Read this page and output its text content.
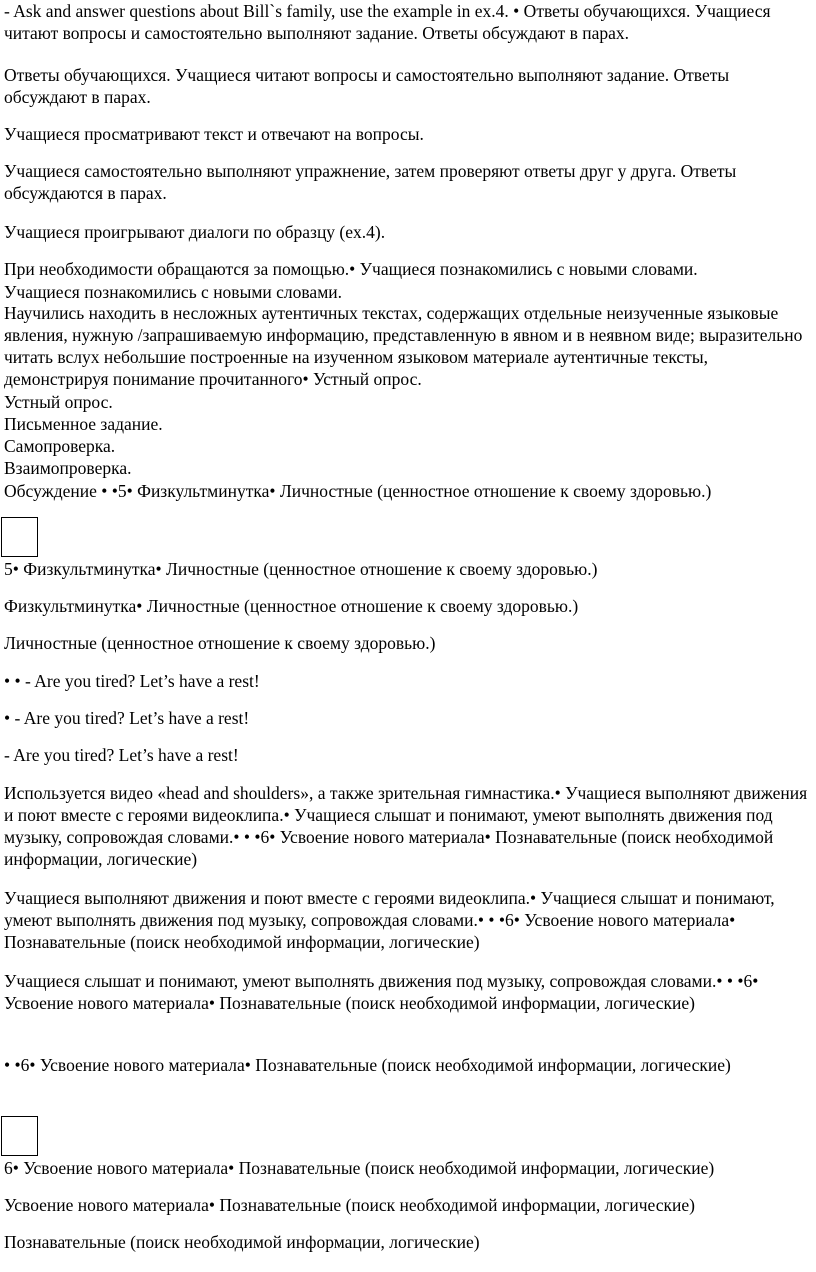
- Ask and answer questions about Bill`s family, use the example in ex.4. • Ответы обучающихся. Учащиеся читают вопросы и самостоятельно выполняют задание. Ответы обсуждают в парах.
Ответы обучающихся. Учащиеся читают вопросы и самостоятельно выполняют задание. Ответы обсуждают в парах.
Учащиеся просматривают текст и отвечают на вопросы.
Учащиеся самостоятельно выполняют упражнение, затем проверяют ответы друг у друга. Ответы обсуждаются в парах.
Учащиеся проигрывают диалоги по образцу (ex.4).
При необходимости обращаются за помощью.• Учащиеся познакомились с новыми словами.
Учащиеся познакомились с новыми словами.
Научились находить в несложных аутентичных текстах, содержащих отдельные неизученные языковые явления, нужную /запрашиваемую информацию, представленную в явном и в неявном виде; выразительно читать вслух небольшие построенные на изученном языковом материале аутентичные тексты, демонстрируя понимание прочитанного• Устный опрос.
Устный опрос.
Письменное задание.
Самопроверка.
Взаимопроверка.
Обсуждение • •5• Физкультминутка• Личностные (ценностное отношение к своему здоровью.)
5• Физкультминутка• Личностные (ценностное отношение к своему здоровью.)
Физкультминутка• Личностные (ценностное отношение к своему здоровью.)
Личностные (ценностное отношение к своему здоровью.)
• • - Are you tired? Let’s have a rest!
• - Are you tired? Let’s have a rest!
- Are you tired? Let’s have a rest!
Используется видео «head and shoulders», а также зрительная гимнастика.• Учащиеся выполняют движения и поют вместе с героями видеоклипа.• Учащиеся слышат и понимают, умеют выполнять движения под музыку, сопровождая словами.• • •6• Усвоение нового материала• Познавательные (поиск необходимой информации, логические)
Учащиеся выполняют движения и поют вместе с героями видеоклипа.• Учащиеся слышат и понимают, умеют выполнять движения под музыку, сопровождая словами.• • •6• Усвоение нового материала• Познавательные (поиск необходимой информации, логические)
Учащиеся слышат и понимают, умеют выполнять движения под музыку, сопровождая словами.• • •6• Усвоение нового материала• Познавательные (поиск необходимой информации, логические)
• •6• Усвоение нового материала• Познавательные (поиск необходимой информации, логические)
6• Усвоение нового материала• Познавательные (поиск необходимой информации, логические)
Усвоение нового материала• Познавательные (поиск необходимой информации, логические)
Познавательные (поиск необходимой информации, логические)
